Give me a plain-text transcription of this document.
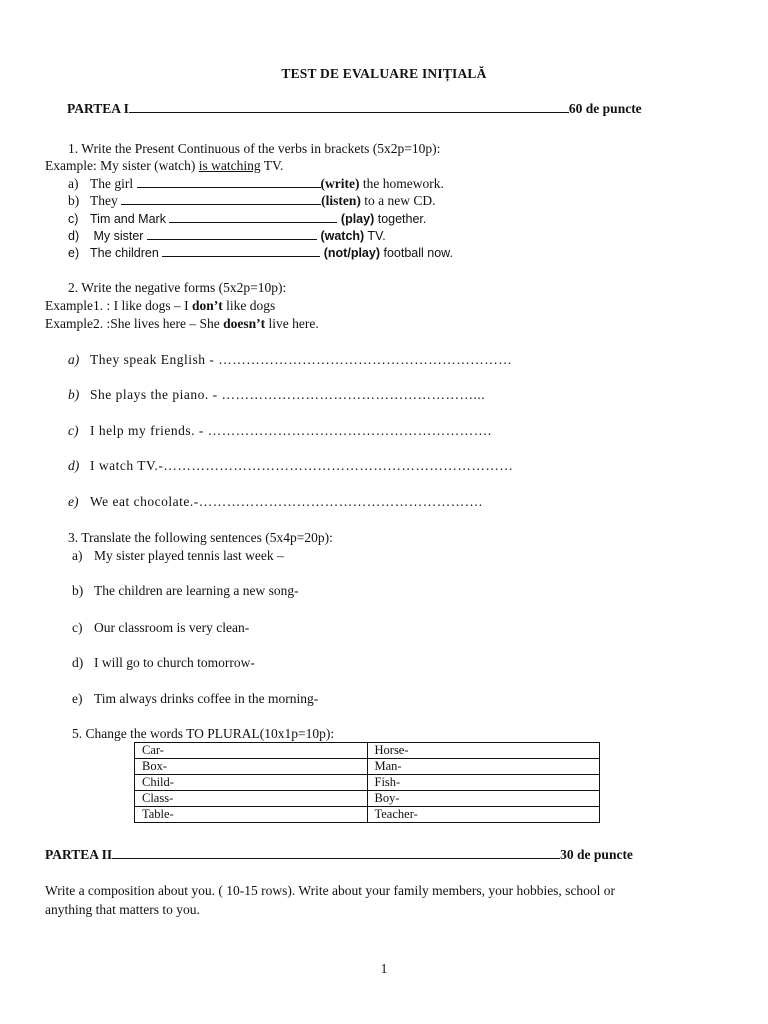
TEST DE EVALUARE INIȚIALĂ
PARTEA I	60 de puncte
1. Write the Present Continuous of the verbs in brackets (5x2p=10p):
Example: My sister (watch) is watching TV.
a) The girl	(write) the homework.
b) They	(listen) to a new CD.
c) Tim and Mark	(play) together.
d) My sister	(watch) TV.
e) The children	(not/play) football now.
2. Write the negative forms (5x2p=10p):
Example1. : I like dogs – I don’t like dogs
Example2. :She lives here – She doesn’t live here.
a) They speak English - ………………………………………………………
b) She plays the piano. - ………………………………………………...
c) I help my friends. - …………………………………………………….
d) I watch TV.-…………………………………………………………………
e) We eat chocolate.-…………………………………………………….
3. Translate the following sentences (5x4p=20p):
a) My sister played tennis last week –
b) The children are learning a new song-
c) Our classroom is very clean-
d) I will go to church tomorrow-
e) Tim always drinks coffee in the morning-
5. Change the words TO PLURAL(10x1p=10p):
Car-	Horse-
Box-	Man-
Child-	Fish-
Class-	Boy-
Table-	Teacher-
PARTEA II	30 de puncte
Write a composition about you. ( 10-15 rows). Write about your family members, your hobbies, school or
anything that matters to you.
1
